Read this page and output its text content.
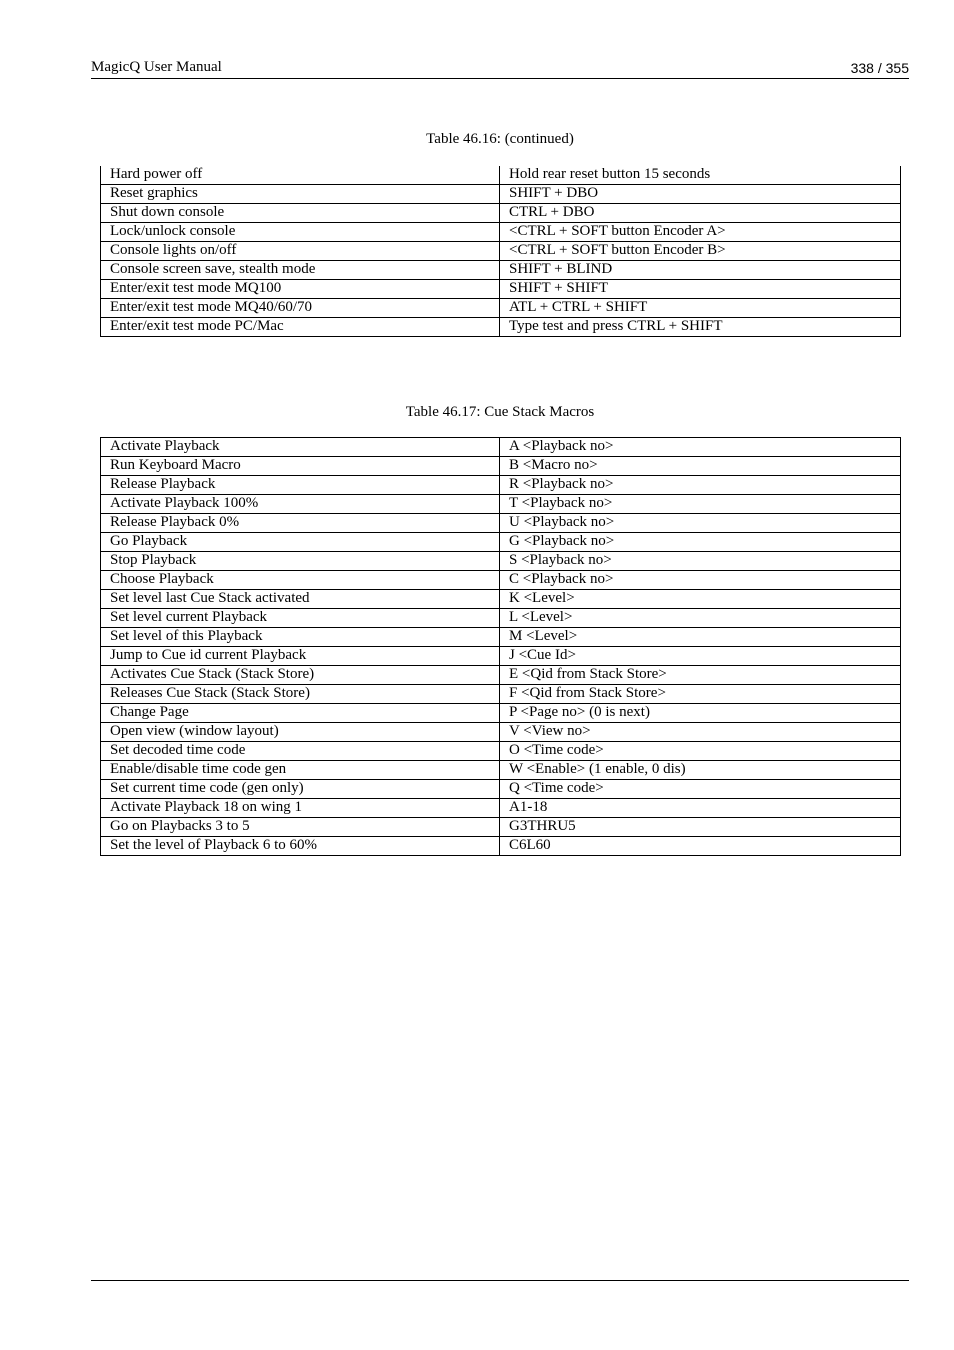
MagicQ User Manual	338 / 355
Table 46.16: (continued)
Hard power off	Hold rear reset button 15 seconds
Reset graphics	SHIFT + DBO
Shut down console	CTRL + DBO
Lock/unlock console	<CTRL + SOFT button Encoder A>
Console lights on/off	<CTRL + SOFT button Encoder B>
Console screen save, stealth mode	SHIFT + BLIND
Enter/exit test mode MQ100	SHIFT + SHIFT
Enter/exit test mode MQ40/60/70	ATL + CTRL + SHIFT
Enter/exit test mode PC/Mac	Type test and press CTRL + SHIFT
Table 46.17: Cue Stack Macros
Activate Playback	A <Playback no>
Run Keyboard Macro	B <Macro no>
Release Playback	R <Playback no>
Activate Playback 100%	T <Playback no>
Release Playback 0%	U <Playback no>
Go Playback	G <Playback no>
Stop Playback	S <Playback no>
Choose Playback	C <Playback no>
Set level last Cue Stack activated	K <Level>
Set level current Playback	L <Level>
Set level of this Playback	M <Level>
Jump to Cue id current Playback	J <Cue Id>
Activates Cue Stack (Stack Store)	E <Qid from Stack Store>
Releases Cue Stack (Stack Store)	F <Qid from Stack Store>
Change Page	P <Page no> (0 is next)
Open view (window layout)	V <View no>
Set decoded time code	O <Time code>
Enable/disable time code gen	W <Enable> (1 enable, 0 dis)
Set current time code (gen only)	Q <Time code>
Activate Playback 18 on wing 1	A1-18
Go on Playbacks 3 to 5	G3THRU5
Set the level of Playback 6 to 60%	C6L60
